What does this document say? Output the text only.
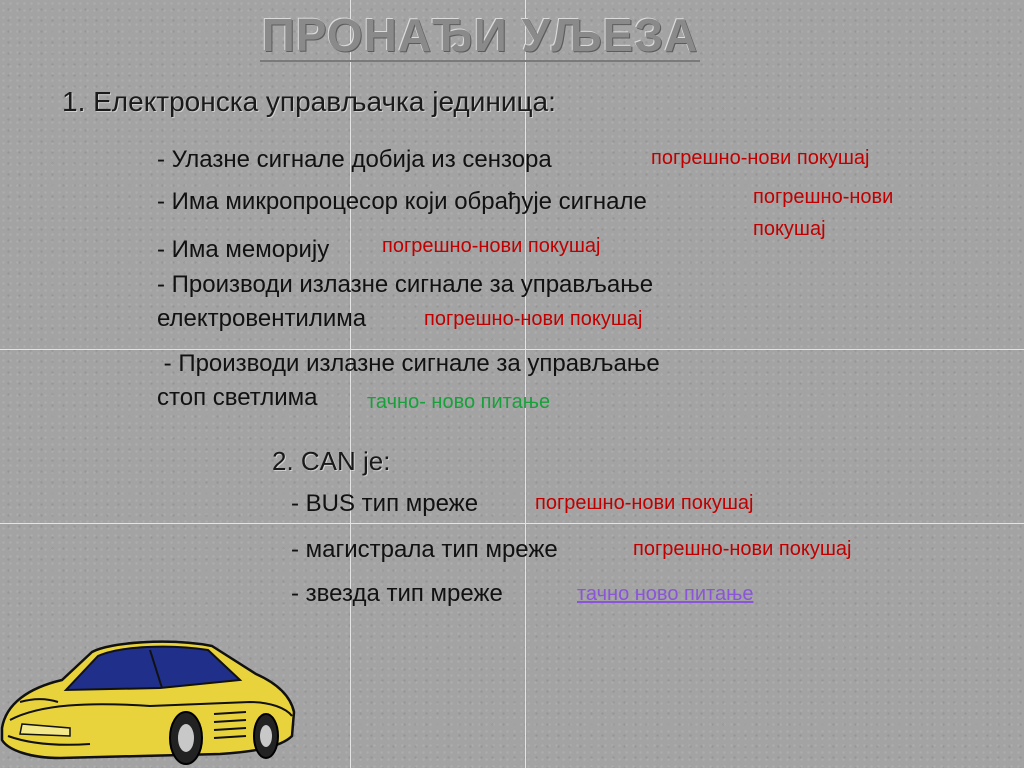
ПРОНАЂИ УЉЕЗА
1. Електронска управљачка јединица:
- Улазне сигнале добија из сензора	погрешно-нови покушај
- Има микропроцесор који обрађује сигнале	погрешно-нови
покушај
- Има меморију	погрешно-нови покушај
- Производи излазне сигнале за управљање
електровентилима	погрешно-нови покушај
- Производи излазне сигнале за управљање
стоп светлима тачно- ново питање
2. CAN је:
- BUS тип мреже	погрешно-нови покушај
- магистрала тип мреже	погрешно-нови покушај
- звезда тип мреже	тачно ново питање
